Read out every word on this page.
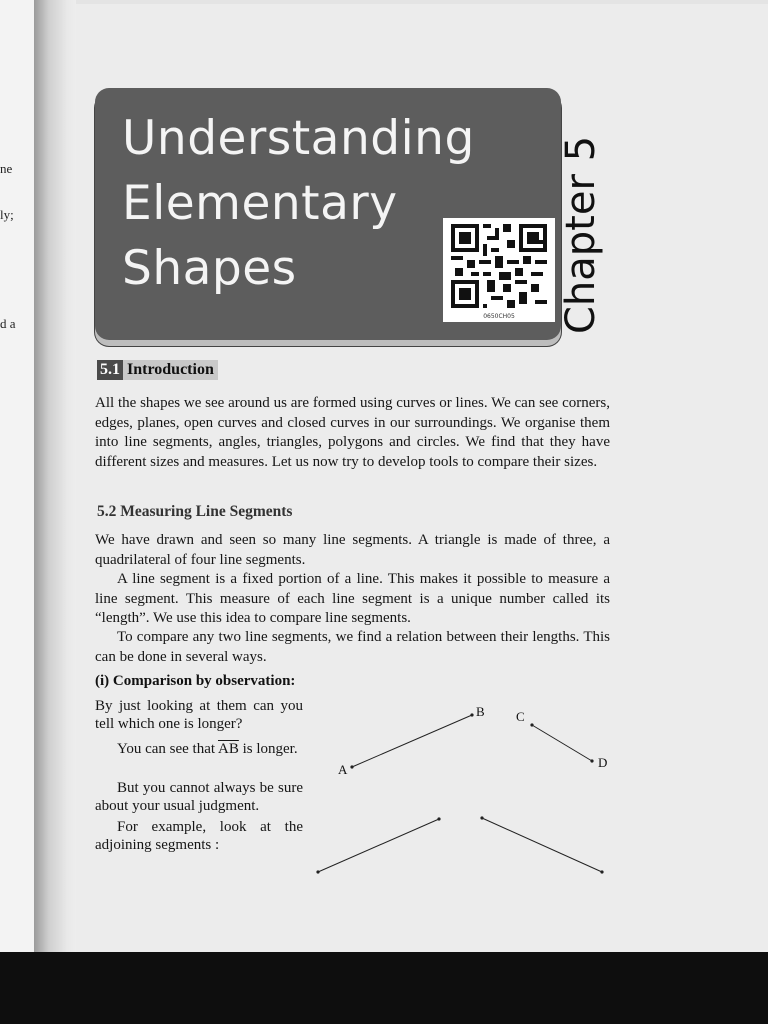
ne
ly;
d a
Understanding
Elementary
Shapes
0650CH05	Chapter 5
5.1 Introduction

All the shapes we see around us are formed using curves or lines. We can see corners, edges, planes, open curves and closed curves in our surroundings. We organise them into line segments, angles, triangles, polygons and circles. We find that they have different sizes and measures. Let us now try to develop tools to compare their sizes.

5.2 Measuring Line Segments

We have drawn and seen so many line segments. A triangle is made of three, a quadrilateral of four line segments.

A line segment is a fixed portion of a line. This makes it possible to measure a line segment. This measure of each line segment is a unique number called its “length”. We use this idea to compare line segments.

To compare any two line segments, we find a relation between their lengths. This can be done in several ways.

(i) Comparison by observation:

By just looking at them can you tell which one is longer?

You can see that $\overline{AB}$ is longer.

But you cannot always be sure about your usual judgment.

For example, look at the adjoining segments :

A
B C
D
